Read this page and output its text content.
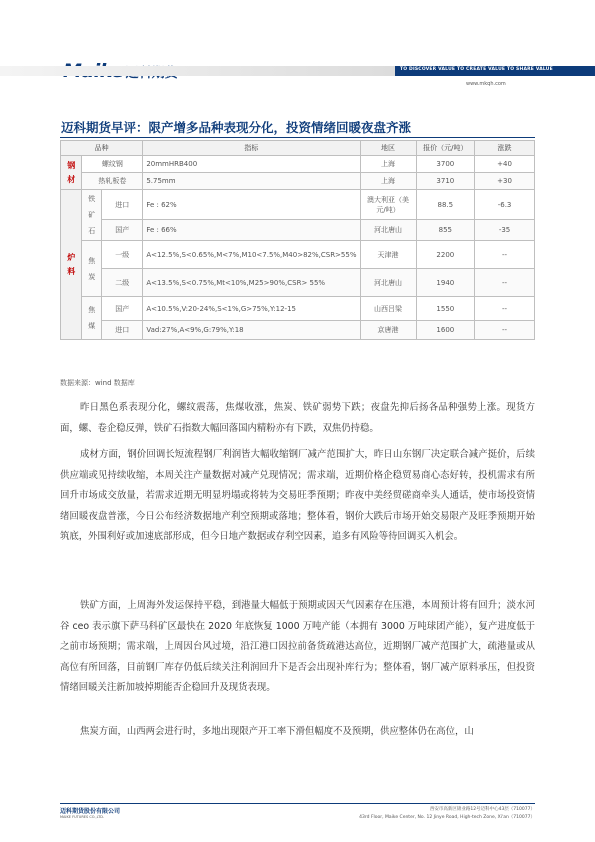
TO DISCOVER VALUE TO CREATE VALUE TO SHARE VALUE
www.mkqh.com
迈科期货早评：限产增多品种表现分化，投资情绪回暖夜盘齐涨
品种			指标	地区	报价（元/吨）	涨跌
钢材	螺纹钢		20mmHRB400	上海	3700	+40
	热轧板卷		5.75mm	上海	3710	+30
炉料	铁矿石	进口	Fe : 62%	澳大利亚（美元/吨）	88.5	-6.3
		国产	Fe : 66%	河北唐山	855	-35
	焦炭	一级	A<12.5%,S<0.65%,M<7%,M10<7.5%,M40>82%,CSR>55%	天津港	2200	--
		二级	A<13.5%,S<0.75%,Mt<10%,M25>90%,CSR> 55%	河北唐山	1940	--
	焦煤	国产	A<10.5%,V:20-24%,S<1%,G>75%,Y:12-15	山西吕梁	1550	--
		进口	Vad:27%,A<9%,G:79%,Y:18	京唐港	1600	--
数据来源：wind 数据库

昨日黑色系表现分化，螺纹震荡，焦煤收涨，焦炭、铁矿弱势下跌；夜盘先抑后扬各品种强势上涨。现货方面，螺、卷企稳反弹，铁矿石指数大幅回落国内精粉亦有下跌，双焦仍持稳。

成材方面，钢价回调长短流程钢厂利润皆大幅收缩钢厂减产范围扩大，昨日山东钢厂决定联合减产挺价，后续供应端或见持续收缩，本周关注产量数据对减产兑现情况；需求端，近期价格企稳贸易商心态好转，投机需求有所回升市场成交放量，若需求近期无明显坍塌或将转为交易旺季预期；昨夜中美经贸磋商牵头人通话，使市场投资情绪回暖夜盘普涨，今日公布经济数据地产利空预期或落地；整体看，钢价大跌后市场开始交易限产及旺季预期开始筑底，外围利好或加速底部形成，但今日地产数据或存利空因素，追多有风险等待回调买入机会。

铁矿方面，上周海外发运保持平稳，到港量大幅低于预期或因天气因素存在压港，本周预计将有回升；淡水河谷 ceo 表示旗下萨马科矿区最快在 2020 年底恢复 1000 万吨产能（本拥有 3000 万吨球团产能），复产进度低于之前市场预期；需求端，上周因台风过境，沿江港口因拉前备货疏港达高位，近期钢厂减产范围扩大，疏港量或从高位有所回落，目前钢厂库存仍低后续关注利润回升下是否会出现补库行为；整体看，钢厂减产原料承压，但投资情绪回暖关注新加坡掉期能否企稳回升及现货表现。

焦炭方面，山西两会进行时，多地出现限产开工率下滑但幅度不及预期，供应整体仍在高位，山

迈科期货股份有限公司
MAIKE FUTURES CO.,LTD.
西安市高新区锦业路12号迈科中心43层（710077）
43rd Floor, Maike Center, No. 12 Jinye Road, High-tech Zone, Xi'an（710077）
